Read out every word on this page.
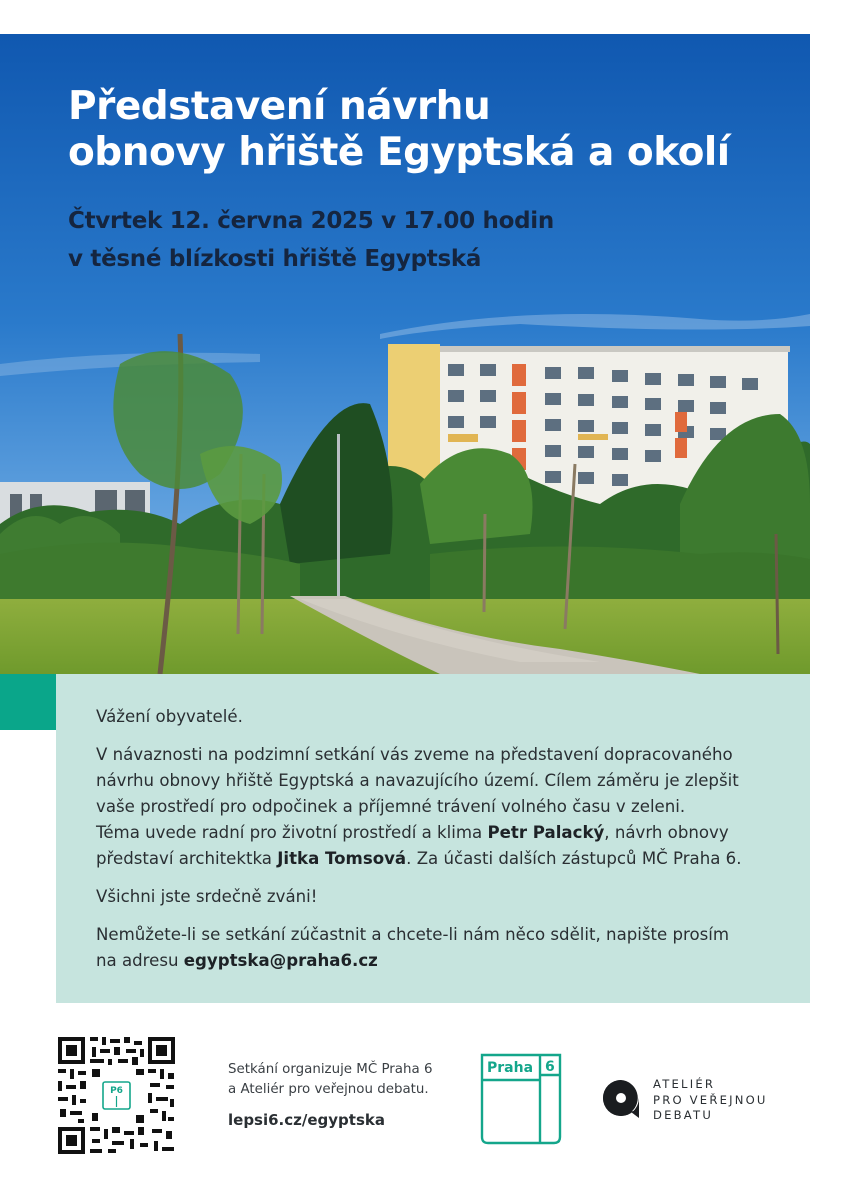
Představení návrhu
obnovy hřiště Egyptská a okolí
Čtvrtek 12. června 2025 v 17.00 hodin
v těsné blízkosti hřiště Egyptská

Vážení obyvatelé.

V návaznosti na podzimní setkání vás zveme na představení dopracovaného
návrhu obnovy hřiště Egyptská a navazujícího území. Cílem záměru je zlepšit
vaše prostředí pro odpočinek a příjemné trávení volného času v zeleni.
Téma uvede radní pro životní prostředí a klima Petr Palacký, návrh obnovy
představí architektka Jitka Tomsová. Za účasti dalších zástupců MČ Praha 6.

Všichni jste srdečně zváni!

Nemůžete-li se setkání zúčastnit a chcete-li nám něco sdělit, napište prosím
na adresu egyptska@praha6.cz

P6
Setkání organizuje MČ Praha 6
a Ateliér pro veřejnou debatu.
lepsi6.cz/egyptska
Praha 6
ATELIÉR
PRO VEŘEJNOU
DEBATU
